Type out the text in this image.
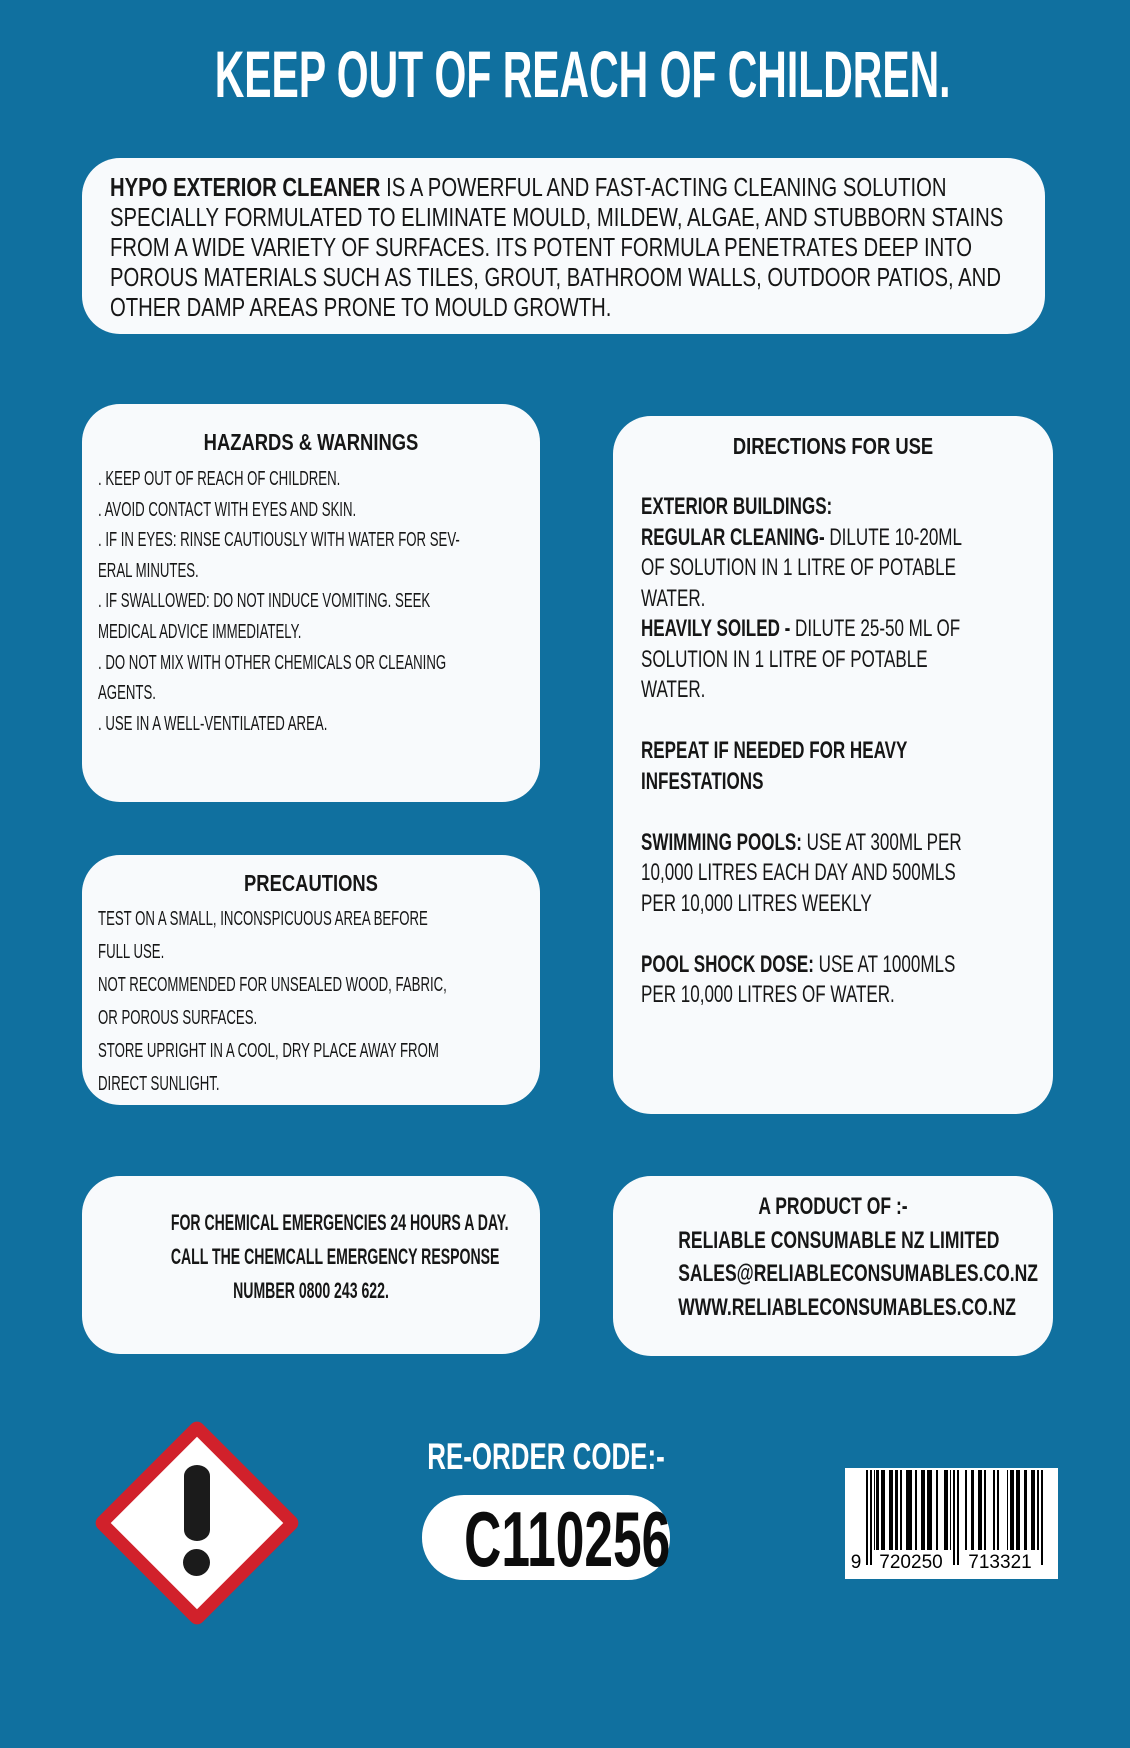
KEEP OUT OF REACH OF CHILDREN.

HYPO EXTERIOR CLEANER IS A POWERFUL AND FAST-ACTING CLEANING SOLUTION SPECIALLY FORMULATED TO ELIMINATE MOULD, MILDEW, ALGAE, AND STUBBORN STAINS FROM A WIDE VARIETY OF SURFACES. ITS POTENT FORMULA PENETRATES DEEP INTO POROUS MATERIALS SUCH AS TILES, GROUT, BATHROOM WALLS, OUTDOOR PATIOS, AND OTHER DAMP AREAS PRONE TO MOULD GROWTH.

HAZARDS & WARNINGS
. KEEP OUT OF REACH OF CHILDREN.
. AVOID CONTACT WITH EYES AND SKIN.
. IF IN EYES: RINSE CAUTIOUSLY WITH WATER FOR SEV-
ERAL MINUTES.
. IF SWALLOWED: DO NOT INDUCE VOMITING. SEEK
MEDICAL ADVICE IMMEDIATELY.
. DO NOT MIX WITH OTHER CHEMICALS OR CLEANING
AGENTS.
. USE IN A WELL-VENTILATED AREA.
DIRECTIONS FOR USE
EXTERIOR BUILDINGS:
REGULAR CLEANING- DILUTE 10-20ML
OF SOLUTION IN 1 LITRE OF POTABLE
WATER.
HEAVILY SOILED - DILUTE 25-50 ML OF
SOLUTION IN 1 LITRE OF POTABLE
WATER.

REPEAT IF NEEDED FOR HEAVY
INFESTATIONS

SWIMMING POOLS: USE AT 300ML PER
10,000 LITRES EACH DAY AND 500MLS
PER 10,000 LITRES WEEKLY

POOL SHOCK DOSE: USE AT 1000MLS
PER 10,000 LITRES OF WATER.
PRECAUTIONS
TEST ON A SMALL, INCONSPICUOUS AREA BEFORE
FULL USE.
NOT RECOMMENDED FOR UNSEALED WOOD, FABRIC,
OR POROUS SURFACES.
STORE UPRIGHT IN A COOL, DRY PLACE AWAY FROM
DIRECT SUNLIGHT.
FOR CHEMICAL EMERGENCIES 24 HOURS A DAY.
CALL THE CHEMCALL EMERGENCY RESPONSE
NUMBER 0800 243 622.
A PRODUCT OF :-
RELIABLE CONSUMABLE NZ LIMITED
SALES@RELIABLECONSUMABLES.CO.NZ
WWW.RELIABLECONSUMABLES.CO.NZ
RE-ORDER CODE:-
C110256	9 720250 713321
